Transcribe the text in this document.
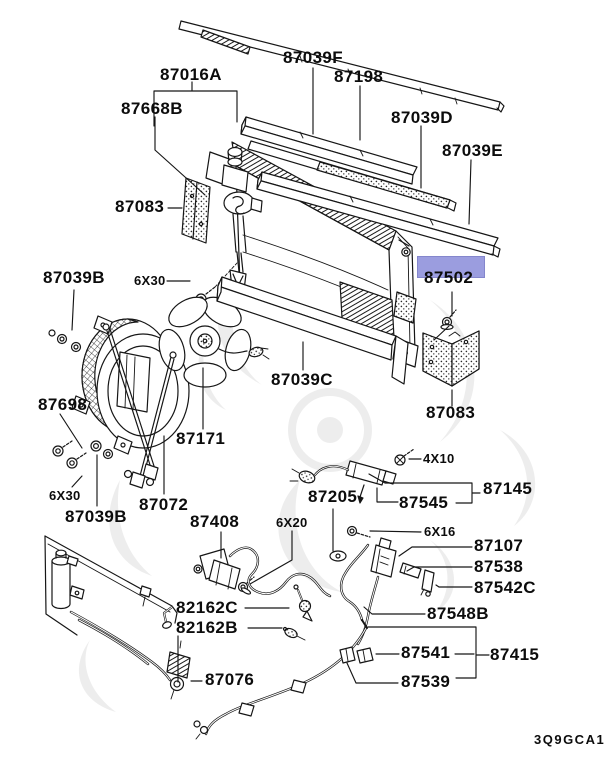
87039F
87016A	87198
87668B	87039D
87039E
87083
87039B 6X30	87502
87039C
87698
87171
87083
4X10
6X30
87039B
87072	87205 87545
87145
87408	6X20
6X16
87107
87538
87542C
87548B
82162C
82162B
87076
87541 87415
87539
3Q9GCA1
